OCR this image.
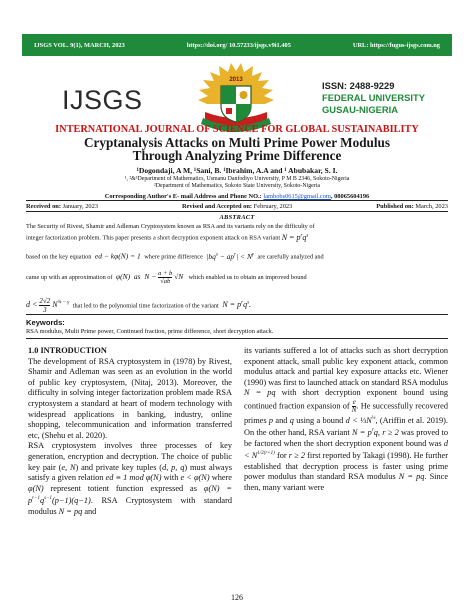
IJSGS VOL. 9(1), MARCH, 2023	https://doi.org/ 10.57233/ijsgs.v9i1.405	URL: https://fugus-ijsgs.com.ng
IJSGS
2013	ISSN: 2488-9229
FEDERAL UNIVERSITY
GUSAU-NIGERIA
INTERNATIONAL JOURNAL OF SCIENCE FOR GLOBAL SUSTAINABILITY
Cryptanalysis Attacks on Multi Prime Power Modulus Through Analyzing Prime Difference
¹Dogondaji, A M, ¹Sani, B. ¹Ibrahim, A.A and ¹ Abubakar, S. I.
¹, ²&³Department of Mathematics, Usmanu Danfodiyo University, P M B 2346, Sokoto-Nigeria
²Department of Mathematics, Sokoto State University, Sokoto-Nigeria
Corresponding Author's E- mail Address and Phone NO.: lambobs0615@gmail.com, 08065604196
Received on: January, 2023	Revised and Accepted on: February, 2023	Published on: March, 2023
ABSTRACT
The Security of Rivest, Shamir and Adleman Cryptosystem known as RSA and its variants rely on the difficulty of
integer factorization problem. This paper presents a short decryption exponent attack on RSA variant $N = p^rq^s$
based on the key equation  ed − kφ(N) = 1  where prime difference  $|bq^s - ap^r| < N^\gamma$ are carefully analyzed and
came up with an approximation of  φ(N)  as  $N - \frac{a + b}{√ab} √N$   which enabled us to obtain an improved bound
$d < \frac{2√2}{3} N^{\frac{3}{4} - \gamma}$ that led to the polynomial time factorization of the variant  $N = p^rq^s$.
Keywords:
RSA modulus, Multi Prime power, Continued fraction, prime difference, short decryption attack.

1.0 INTRODUCTION

The development of RSA cryptosystem in (1978) by Rivest, Shamir and Adleman was seen as an evolution in the world of public key cryptosystem, (Nitaj, 2013). Moreover, the difficulty in solving integer factorization problem made RSA cryptosystem a standard at heart of modern technology with widespread applications in banking, industry, online shopping, telecommunication and information transferred etc, (Shehu et al. 2020).

RSA cryptosystem involves three processes of key generation, encryption and decryption. The choice of public key pair (e, N) and private key tuples (d, p, q) must always satisfy a given relation ed ≡ 1 mod φ(N) with e < φ(N) where φ(N) represent totient function expressed as $\varphi(N) = p^{r-1}q^{s-1}(p-1)(q-1)$. RSA Cryptosystem with standard modulus N = pq and

its variants suffered a lot of attacks such as short decryption exponent attack, small public key exponent attack, common modulus attack and partial key exposure attacks etc. Wiener (1990) was first to launched attack on standard RSA modulus N = pq with short decryption exponent bound using continued fraction expansion of $\frac{e}{N}$ . He successfully recovered primes p and q using a bound $d < \frac{1}{3}N^{\frac{1}{4}}$, (Ariffin et al. 2019). On the other hand, RSA variant $N = p^rq$, r ≥ 2 was proved to be factored when the short decryption exponent bound was $d < N^{1/2(r+1)}$ for r ≥ 2 first reported by Takagi (1998). He further established that decryption process is faster using prime power modulus than standard RSA modulus N = pq. Since then, many variant were

126
